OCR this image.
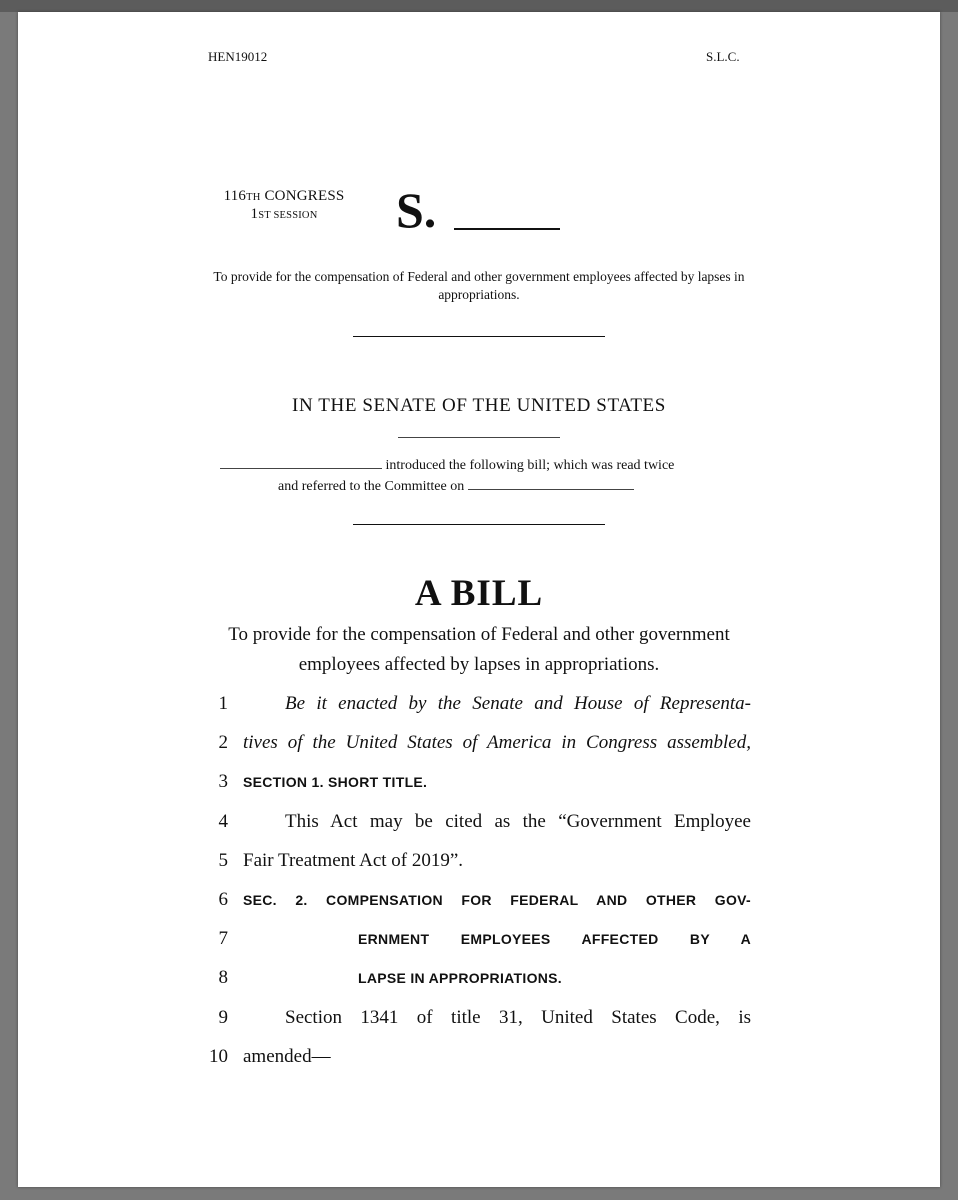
HEN19012	S.L.C.
116TH CONGRESS
1ST SESSION	S.
To provide for the compensation of Federal and other government employees affected by lapses in appropriations.
IN THE SENATE OF THE UNITED STATES
introduced the following bill; which was read twice
and referred to the Committee on
A BILL
To provide for the compensation of Federal and other government employees affected by lapses in appropriations.
1	Be it enacted by the Senate and House of Representa-
2 tives of the United States of America in Congress assembled,
3 SECTION 1. SHORT TITLE.
4	This Act may be cited as the “Government Employee
5 Fair Treatment Act of 2019”.
6 SEC. 2. COMPENSATION FOR FEDERAL AND OTHER GOV-
7	ERNMENT EMPLOYEES AFFECTED BY A
8	LAPSE IN APPROPRIATIONS.
9	Section 1341 of title 31, United States Code, is
10 amended—
